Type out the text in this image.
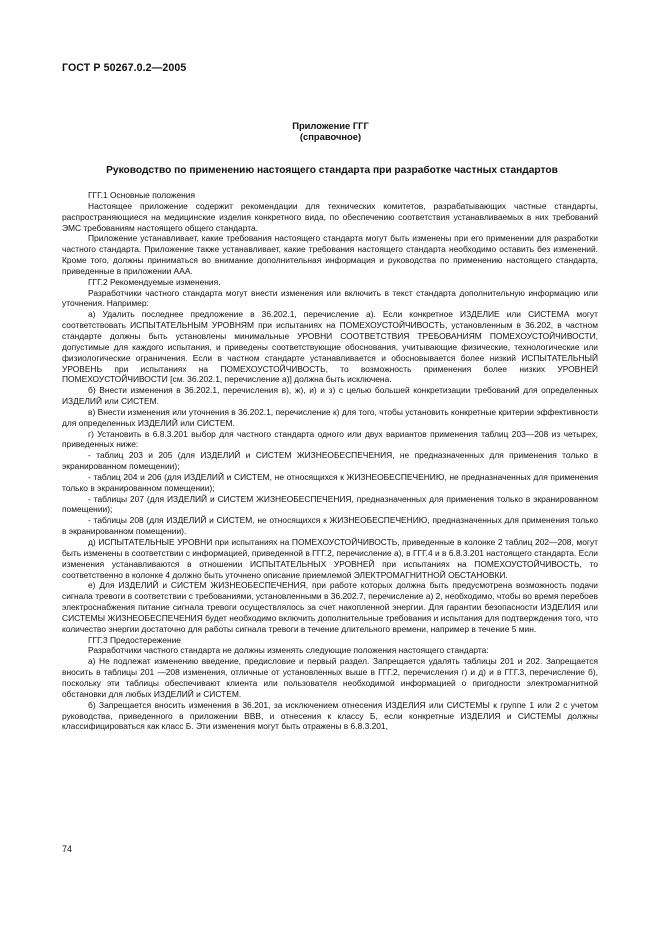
ГОСТ Р 50267.0.2—2005
Приложение ГГГ
(справочное)
Руководство по применению настоящего стандарта при разработке частных стандартов

ГГГ.1 Основные положения

Настоящее приложение содержит рекомендации для технических комитетов, разрабатывающих частные стандарты, распространяющиеся на медицинские изделия конкретного вида, по обеспечению соответствия устанавливаемых в них требований ЭМС требованиям настоящего общего стандарта.

Приложение устанавливает, какие требования настоящего стандарта могут быть изменены при его применении для разработки частного стандарта. Приложение также устанавливает, какие требования настоящего стандарта необходимо оставить без изменений. Кроме того, должны приниматься во внимание дополнительная информация и руководства по применению настоящего стандарта, приведенные в приложении ААА.

ГГГ.2 Рекомендуемые изменения.

Разработчики частного стандарта могут внести изменения или включить в текст стандарта дополнительную информацию или уточнения. Например:

а) Удалить последнее предложение в 36.202.1, перечисление а). Если конкретное ИЗДЕЛИЕ или СИСТЕМА могут соответствовать ИСПЫТАТЕЛЬНЫМ УРОВНЯМ при испытаниях на ПОМЕХОУСТОЙЧИВОСТЬ, установленным в 36.202, в частном стандарте должны быть установлены минимальные УРОВНИ СООТВЕТСТВИЯ ТРЕБОВАНИЯМ ПОМЕХОУСТОЙЧИВОСТИ, допустимые для каждого испытания, и приведены соответствующие обоснования, учитывающие физические, технологические или физиологические ограничения. Если в частном стандарте устанавливается и обосновывается более низкий ИСПЫТАТЕЛЬНЫЙ УРОВЕНЬ при испытаниях на ПОМЕХОУСТОЙЧИВОСТЬ, то возможность применения более низких УРОВНЕЙ ПОМЕХОУСТОЙЧИВОСТИ [см. 36.202.1, перечисление а)] должна быть исключена.

б) Внести изменения в 36.202.1, перечисления в), ж), и) и з) с целью большей конкретизации требований для определенных ИЗДЕЛИЙ или СИСТЕМ.

в) Внести изменения или уточнения в 36.202.1, перечисление к) для того, чтобы установить конкретные критерии эффективности для определенных ИЗДЕЛИЙ или СИСТЕМ.

г) Установить в 6.8.3.201 выбор для частного стандарта одного или двух вариантов применения таблиц 203—208 из четырех, приведенных ниже:

- таблиц 203 и 205 (для ИЗДЕЛИЙ и СИСТЕМ ЖИЗНЕОБЕСПЕЧЕНИЯ, не предназначенных для применения только в экранированном помещении);

- таблиц 204 и 206 (для ИЗДЕЛИЙ и СИСТЕМ, не относящихся к ЖИЗНЕОБЕСПЕЧЕНИЮ, не предназначенных для применения только в экранированном помещении);

- таблицы 207 (для ИЗДЕЛИЙ и СИСТЕМ ЖИЗНЕОБЕСПЕЧЕНИЯ, предназначенных для применения только в экранированном помещении);

- таблицы 208 (для ИЗДЕЛИЙ и СИСТЕМ, не относящихся к ЖИЗНЕОБЕСПЕЧЕНИЮ, предназначенных для применения только в экранированном помещении).

д) ИСПЫТАТЕЛЬНЫЕ УРОВНИ при испытаниях на ПОМЕХОУСТОЙЧИВОСТЬ, приведенные в колонке 2 таблиц 202—208, могут быть изменены в соответствии с информацией, приведенной в ГГГ.2, перечисление а), в ГГГ.4 и в 6.8.3.201 настоящего стандарта. Если изменения устанавливаются в отношении ИСПЫТАТЕЛЬНЫХ УРОВНЕЙ при испытаниях на ПОМЕХОУСТОЙЧИВОСТЬ, то соответственно в колонке 4 должно быть уточнено описание приемлемой ЭЛЕКТРОМАГНИТНОЙ ОБСТАНОВКИ.

е) Для ИЗДЕЛИЙ и СИСТЕМ ЖИЗНЕОБЕСПЕЧЕНИЯ, при работе которых должна быть предусмотрена возможность подачи сигнала тревоги в соответствии с требованиями, установленными в 36.202.7, перечисление а) 2, необходимо, чтобы во время перебоев электроснабжения питание сигнала тревоги осуществлялось за счет накопленной энергии. Для гарантии безопасности ИЗДЕЛИЯ или СИСТЕМЫ ЖИЗНЕОБЕСПЕЧЕНИЯ будет необходимо включить дополнительные требования и испытания для подтверждения того, что количество энергии достаточно для работы сигнала тревоги в течение длительного времени, например в течение 5 мин.

ГГГ.3 Предостережение

Разработчики частного стандарта не должны изменять следующие положения настоящего стандарта:

а) Не подлежат изменению введение, предисловие и первый раздел. Запрещается удалять таблицы 201 и 202. Запрещается вносить в таблицы 201 —208 изменения, отличные от установленных выше в ГГГ.2, перечисления г) и д) и в ГГГ.3, перечисление б), поскольку эти таблицы обеспечивают клиента или пользователя необходимой информацией о пригодности электромагнитной обстановки для любых ИЗДЕЛИЙ и СИСТЕМ.

б) Запрещается вносить изменения в 36.201, за исключением отнесения ИЗДЕЛИЯ или СИСТЕМЫ к группе 1 или 2 с учетом руководства, приведенного в приложении ВВВ, и отнесения к классу Б, если конкретные ИЗДЕЛИЯ и СИСТЕМЫ должны классифицироваться как класс Б. Эти изменения могут быть отражены в 6.8.3.201,

74
